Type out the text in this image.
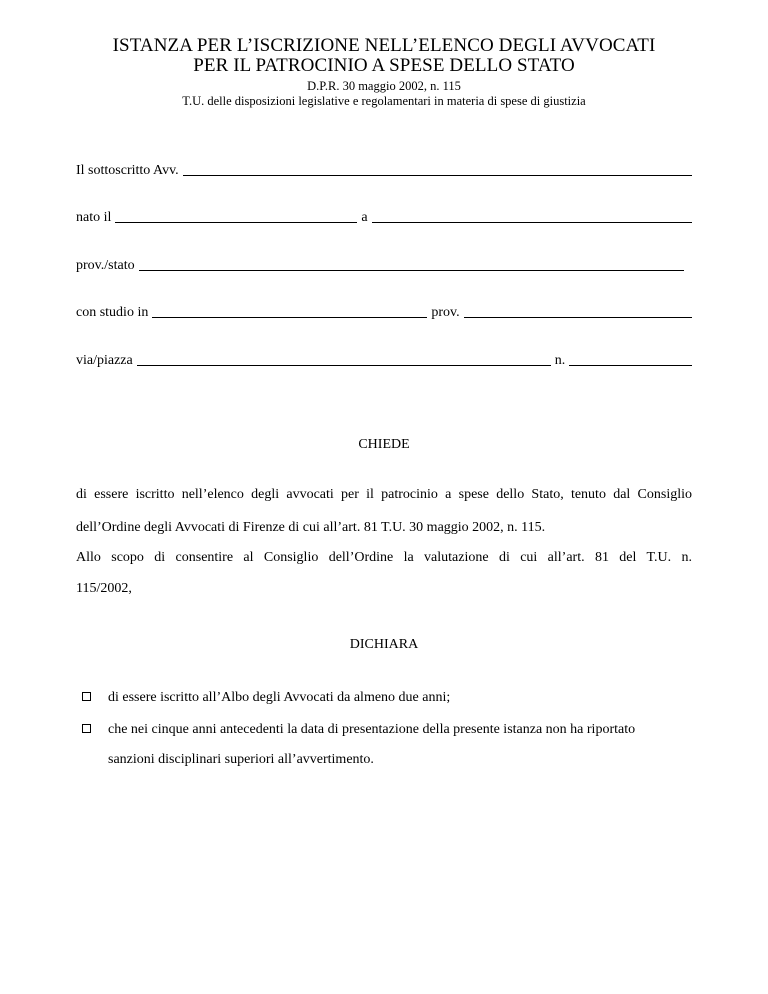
ISTANZA PER L’ISCRIZIONE NELL’ELENCO DEGLI AVVOCATI
PER IL PATROCINIO A SPESE DELLO STATO
D.P.R. 30 maggio 2002, n. 115
T.U. delle disposizioni legislative e regolamentari in materia di spese di giustizia
Il sottoscritto Avv.
nato il	a
prov./stato
con studio in	prov.
via/piazza	n.
CHIEDE
di essere iscritto nell’elenco degli avvocati per il patrocinio a spese dello Stato, tenuto dal Consiglio
dell’Ordine degli Avvocati di Firenze di cui all’art. 81 T.U. 30 maggio 2002, n. 115.
Allo scopo di consentire al Consiglio dell’Ordine la valutazione di cui all’art. 81 del T.U. n.
115/2002,
DICHIARA
di essere iscritto all’Albo degli Avvocati da almeno due anni;
che nei cinque anni antecedenti la data di presentazione della presente istanza non ha riportato
sanzioni disciplinari superiori all’avvertimento.
